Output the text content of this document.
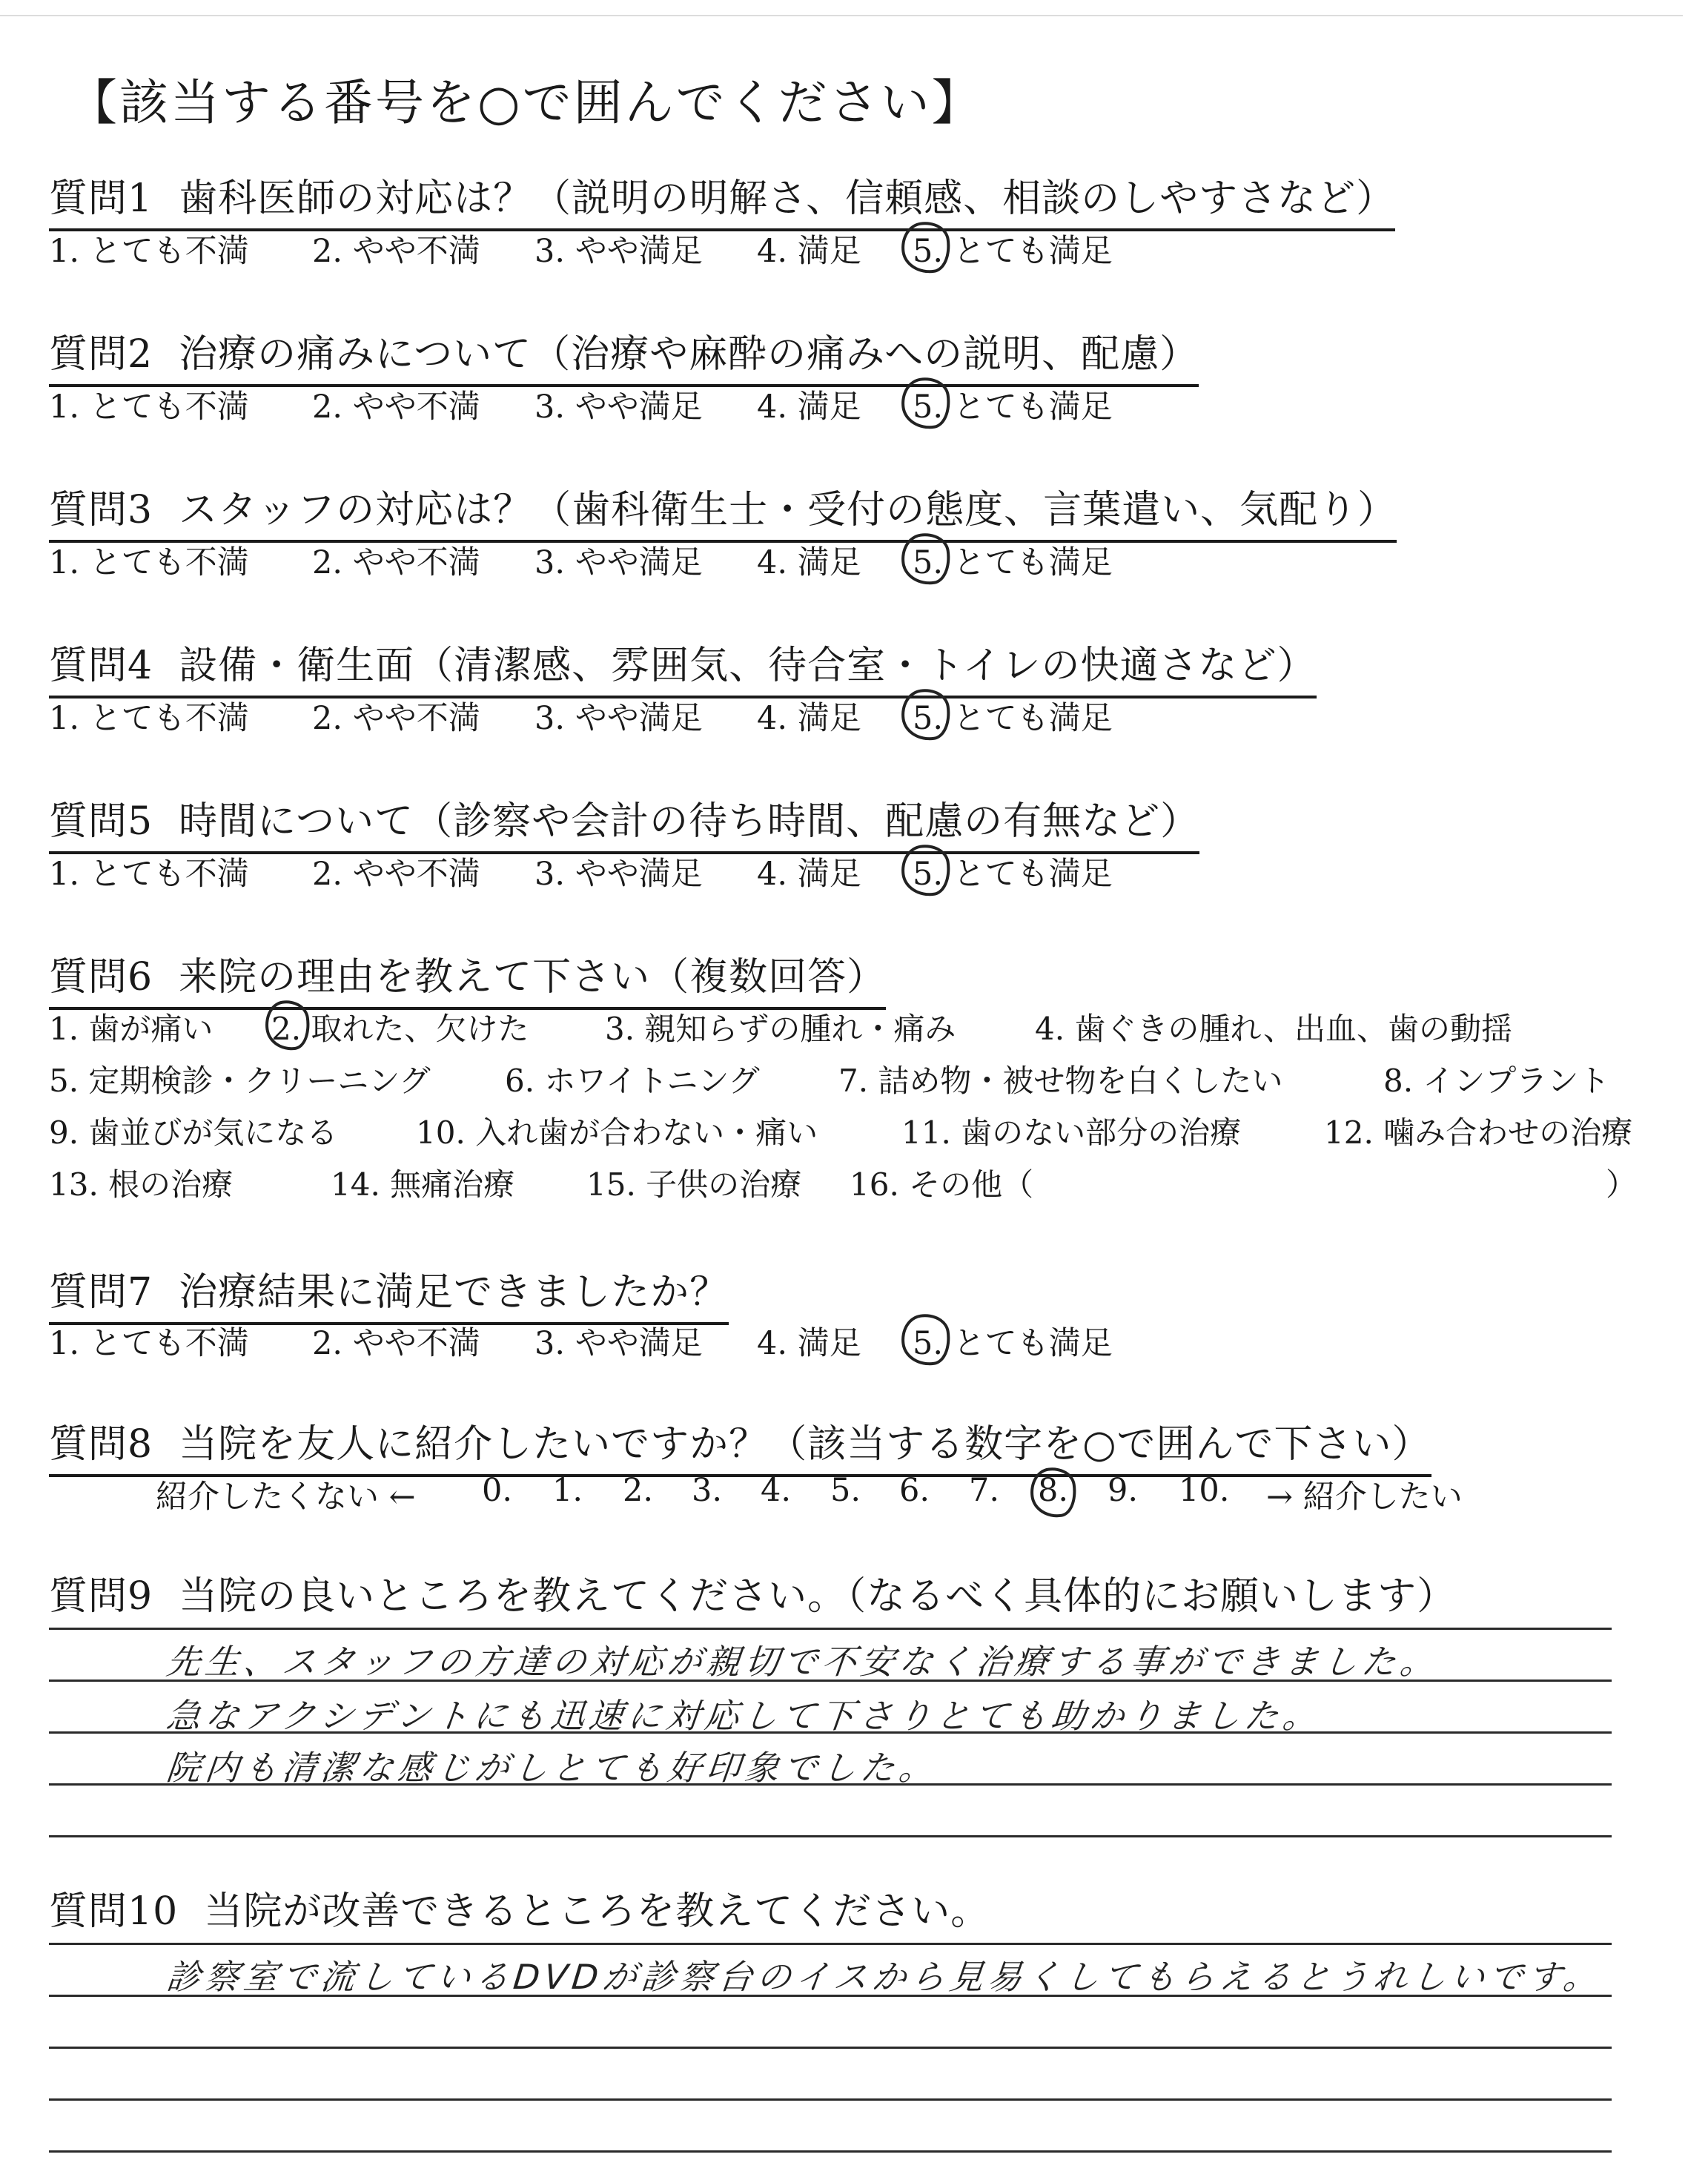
【該当する番号を○で囲んでください】
質問1 歯科医師の対応は？（説明の明解さ、信頼感、相談のしやすさなど）
1. とても不満 2. やや不満 3. やや満足 4. 満足 5. とても満足
質問2 治療の痛みについて（治療や麻酔の痛みへの説明、配慮）
1. とても不満 2. やや不満 3. やや満足 4. 満足 5. とても満足
質問3 スタッフの対応は？（歯科衛生士・受付の態度、言葉遣い、気配り）
1. とても不満 2. やや不満 3. やや満足 4. 満足 5. とても満足
質問4 設備・衛生面（清潔感、雰囲気、待合室・トイレの快適さなど）
1. とても不満 2. やや不満 3. やや満足 4. 満足 5. とても満足
質問5 時間について（診察や会計の待ち時間、配慮の有無など）
1. とても不満 2. やや不満 3. やや満足 4. 満足 5. とても満足
質問6 来院の理由を教えて下さい（複数回答）
1. 歯が痛い 2. 取れた、欠けた 3. 親知らずの腫れ・痛み	4. 歯ぐきの腫れ、出血、歯の動揺
5. 定期検診・クリーニング 6. ホワイトニング	7. 詰め物・被せ物を白くしたい	8. インプラント
9. 歯並びが気になる	10. 入れ歯が合わない・痛い	11. 歯のない部分の治療	12. 噛み合わせの治療
13. 根の治療	14. 無痛治療 15. 子供の治療 16. その他（	）
質問7 治療結果に満足できましたか？
1. とても不満 2. やや不満 3. やや満足 4. 満足 5. とても満足
質問8 当院を友人に紹介したいですか？（該当する数字を○で囲んで下さい）
紹介したくない ← 0. 1. 2. 3. 4. 5. 6. 7. 8. 9. 10. → 紹介したい
質問9 当院の良いところを教えてください。（なるべく具体的にお願いします）
先生、スタッフの方達の対応が親切で不安なく治療する事ができました。
急なアクシデントにも迅速に対応して下さりとても助かりました。
院内も清潔な感じがしとても好印象でした。
質問10 当院が改善できるところを教えてください。
診察室で流しているDVDが診察台のイスから見易くしてもらえるとうれしいです。
